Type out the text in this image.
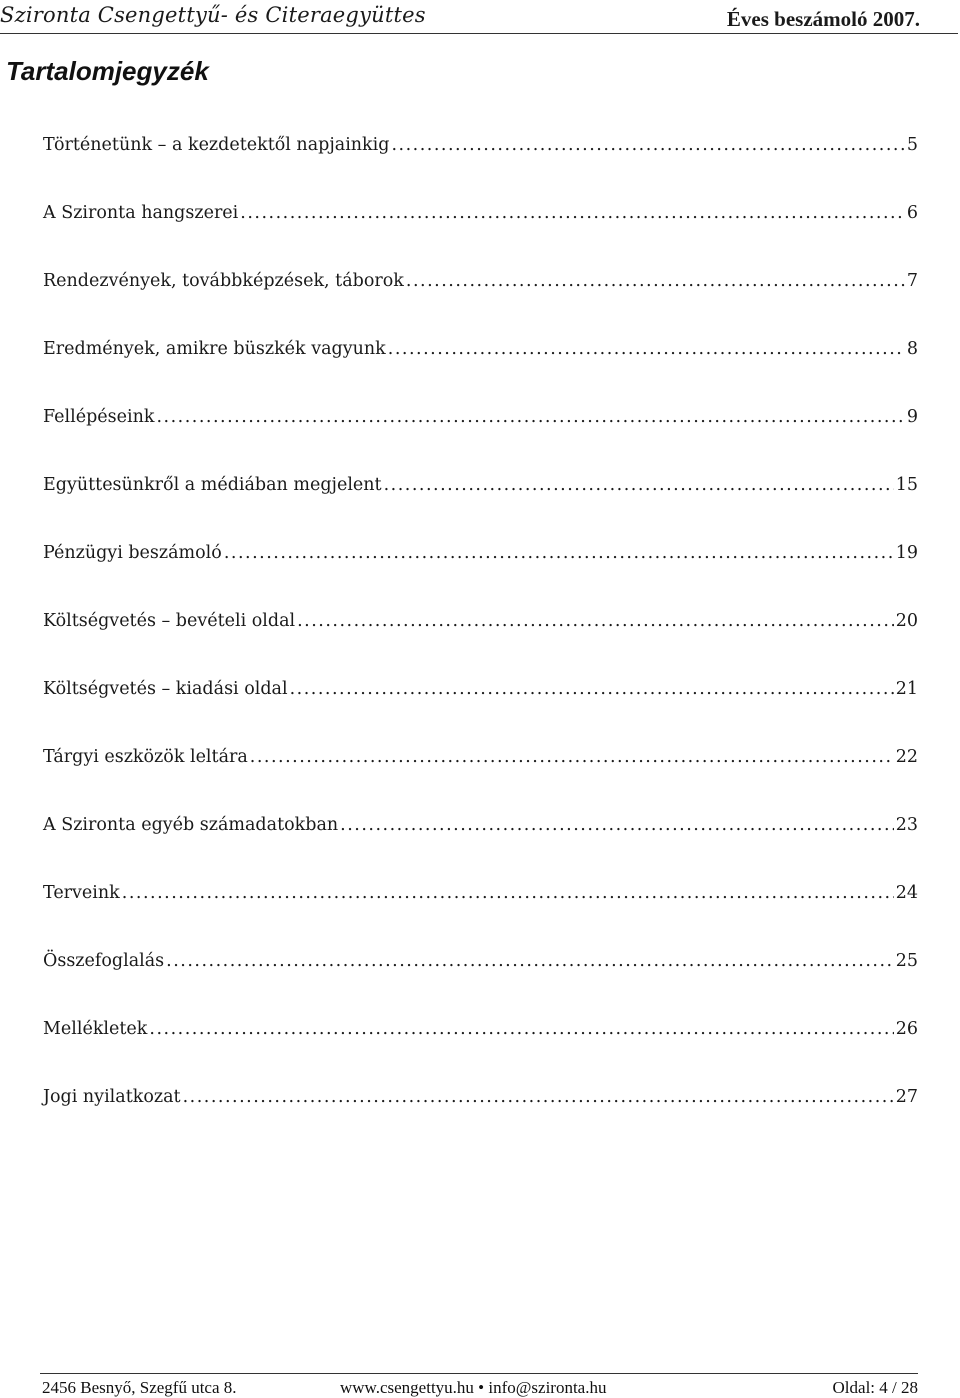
Szironta Csengettyű- és Citeraegyüttes	Éves beszámoló 2007.
Tartalomjegyzék
Történetünk – a kezdetektől napjainkig .....	5
A Szironta hangszerei .....	6
Rendezvények, továbbképzések, táborok .....	7
Eredmények, amikre büszkék vagyunk .....	8
Fellépéseink .....	9
Együttesünkről a médiában megjelent .....	15
Pénzügyi beszámoló .....	19
Költségvetés – bevételi oldal .....	20
Költségvetés – kiadási oldal .....	21
Tárgyi eszközök leltára .....	22
A Szironta egyéb számadatokban .....	23
Terveink .....	24
Összefoglalás .....	25
Mellékletek .....	26
Jogi nyilatkozat .....	27
2456 Besnyő, Szegfű utca 8.	www.csengettyu.hu • info@szironta.hu	Oldal: 4 / 28
